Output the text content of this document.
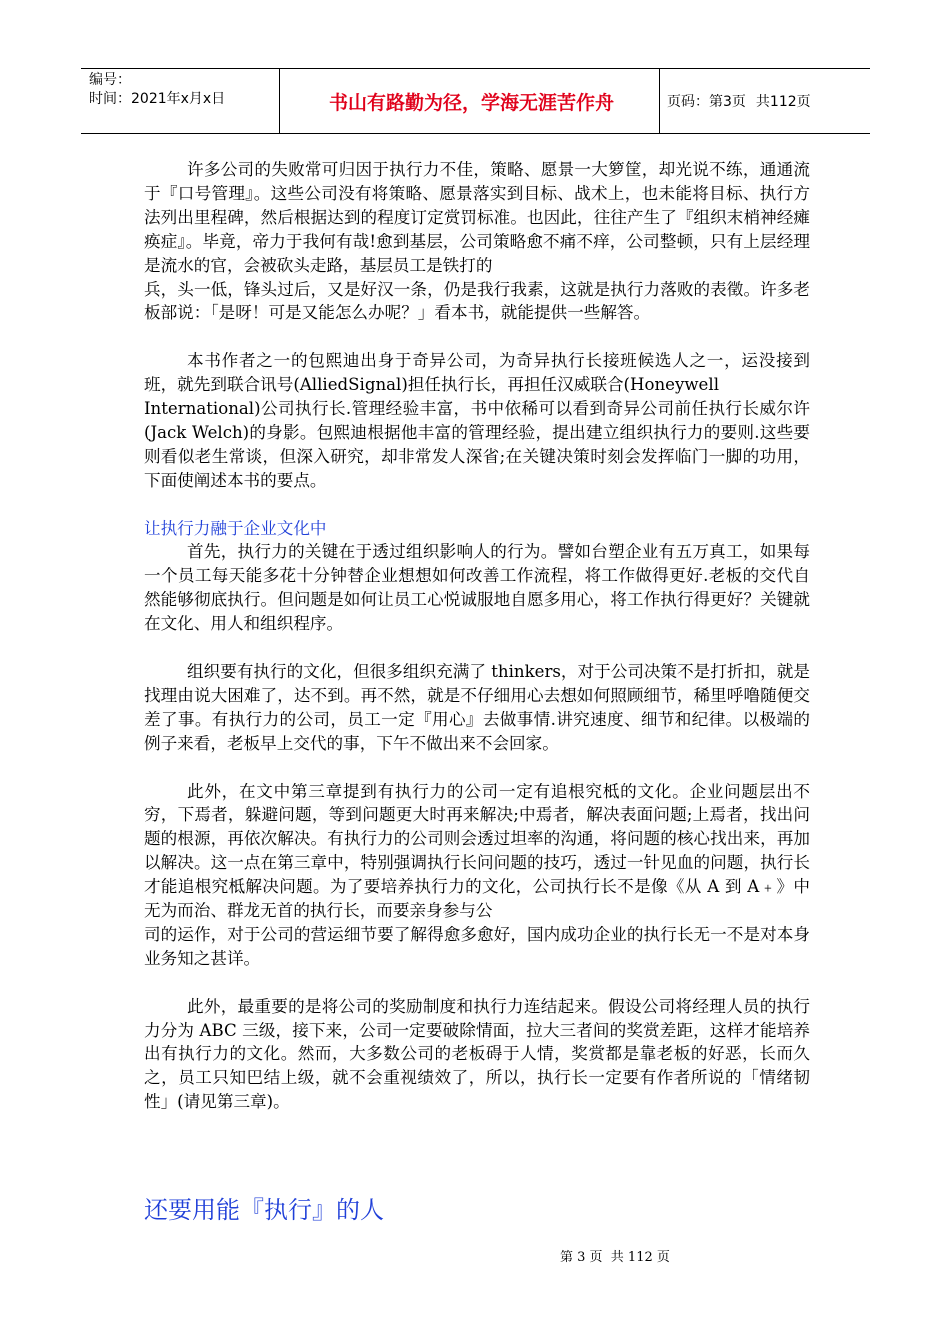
编号：
时间：2021年x月x日	书山有路勤为径，学海无涯苦作舟	页码：第3页 共112页

许多公司的失败常可归因于执行力不佳，策略、愿景一大箩筐，却光说不练，通通流于『口号管理』。这些公司没有将策略、愿景落实到目标、战术上，也未能将目标、执行方法列出里程碑，然后根据达到的程度订定赏罚标准。也因此，往往产生了『组织末梢神经瘫痪症』。毕竟，帝力于我何有哉!愈到基层，公司策略愈不痛不痒，公司整顿，只有上层经理是流水的官，会被砍头走路，基层员工是铁打的

兵，头一低，锋头过后，又是好汉一条，仍是我行我素，这就是执行力落败的表徵。许多老板部说：「是呀！可是又能怎么办呢？」看本书，就能提供一些解答。

本书作者之一的包熙迪出身于奇异公司，为奇异执行长接班候选人之一，运没接到班，就先到联合讯号(AlliedSignal)担任执行长，再担任汉威联合(Honeywell

International)公司执行长.管理经验丰富，书中依稀可以看到奇异公司前任执行长威尔许(Jack Welch)的身影。包熙迪根据他丰富的管理经验，提出建立组织执行力的要则.这些要则看似老生常谈，但深入研究，却非常发人深省;在关键决策时刻会发挥临门一脚的功用，下面使阐述本书的要点。

让执行力融于企业文化中

首先，执行力的关键在于透过组织影响人的行为。譬如台塑企业有五万真工，如果每一个员工每天能多花十分钟替企业想想如何改善工作流程，将工作做得更好.老板的交代自然能够彻底执行。但问题是如何让员工心悦诚服地自愿多用心，将工作执行得更好？关键就在文化、用人和组织程序。

组织要有执行的文化，但很多组织充满了 thinkers，对于公司决策不是打折扣，就是找理由说大困难了，达不到。再不然，就是不仔细用心去想如何照顾细节，稀里呼噜随便交差了事。有执行力的公司，员工一定『用心』去做事情.讲究速度、细节和纪律。以极端的例子来看，老板早上交代的事，下午不做出来不会回家。

此外，在文中第三章提到有执行力的公司一定有追根究柢的文化。企业问题层出不穷，下焉者，躲避问题，等到问题更大时再来解决;中焉者，解决表面问题;上焉者，找出问题的根源，再依次解决。有执行力的公司则会透过坦率的沟通，将问题的核心找出来，再加以解决。这一点在第三章中，特别强调执行长问问题的技巧，透过一针见血的问题，执行长才能追根究柢解决问题。为了要培养执行力的文化，公司执行长不是像《从 A 到 A﹢》中无为而治、群龙无首的执行长，而要亲身参与公

司的运作，对于公司的营运细节要了解得愈多愈好，国内成功企业的执行长无一不是对本身业务知之甚详。

此外，最重要的是将公司的奖励制度和执行力连结起来。假设公司将经理人员的执行力分为 ABC 三级，接下来，公司一定要破除情面，拉大三者间的奖赏差距，这样才能培养出有执行力的文化。然而，大多数公司的老板碍于人情，奖赏都是靠老板的好恶，长而久之，员工只知巴结上级，就不会重视绩效了，所以，执行长一定要有作者所说的「情绪韧性」(请见第三章)。

还要用能『执行』的人
第 3 页  共 112 页
